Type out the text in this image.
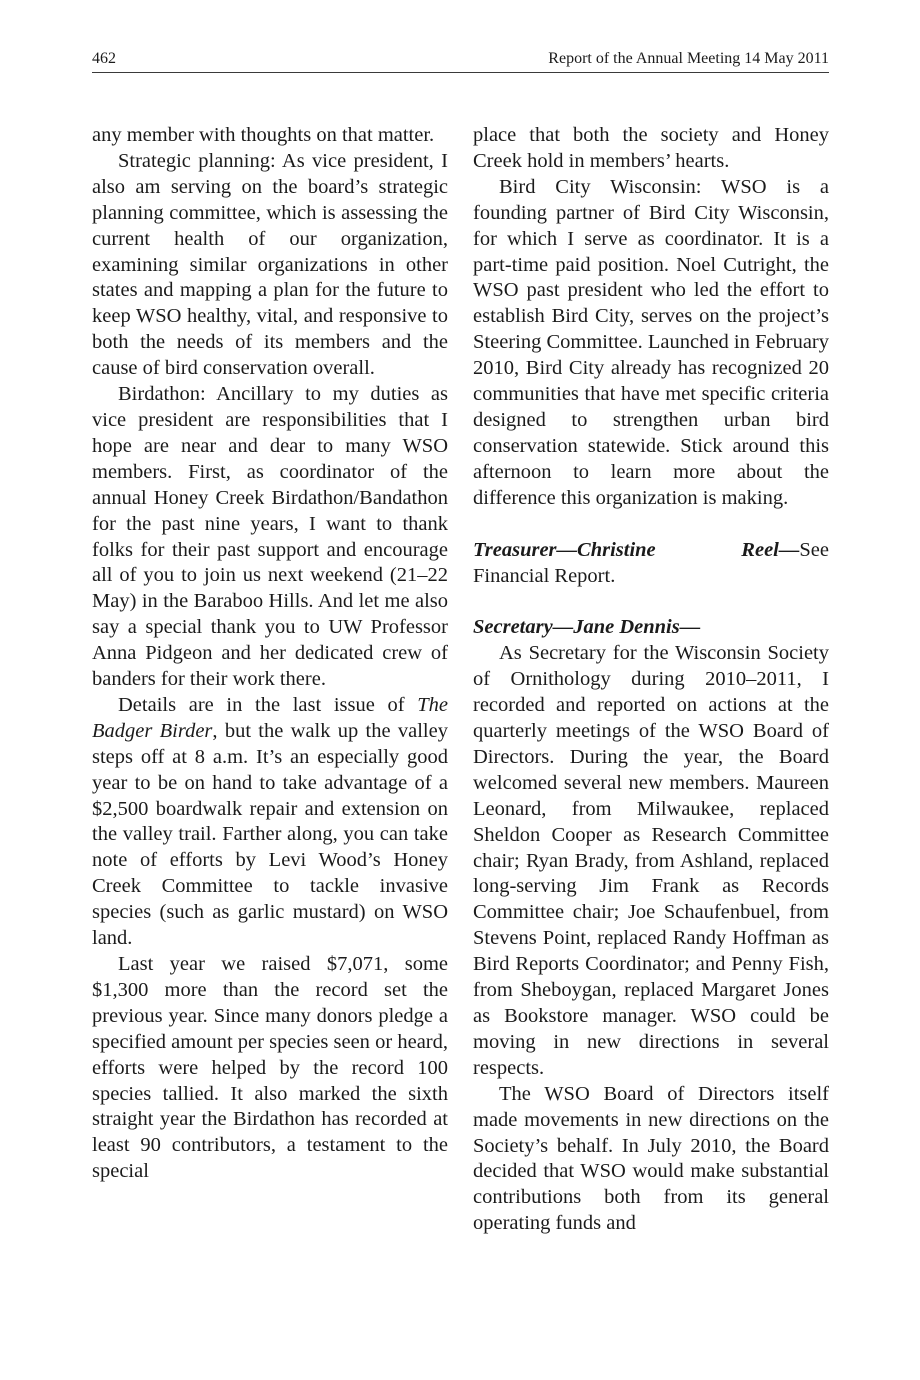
462	Report of the Annual Meeting 14 May 2011

any member with thoughts on that matter.

Strategic planning: As vice president, I also am serving on the board’s strategic planning committee, which is assessing the current health of our organization, examining similar organizations in other states and mapping a plan for the future to keep WSO healthy, vital, and responsive to both the needs of its members and the cause of bird conservation overall.

Birdathon: Ancillary to my duties as vice president are responsibilities that I hope are near and dear to many WSO members. First, as coordinator of the annual Honey Creek Birdathon/Bandathon for the past nine years, I want to thank folks for their past support and encourage all of you to join us next weekend (21–22 May) in the Baraboo Hills. And let me also say a special thank you to UW Professor Anna Pidgeon and her dedicated crew of banders for their work there.

Details are in the last issue of The Badger Birder, but the walk up the valley steps off at 8 a.m. It’s an especially good year to be on hand to take advantage of a $2,500 boardwalk repair and extension on the valley trail. Farther along, you can take note of efforts by Levi Wood’s Honey Creek Committee to tackle invasive species (such as garlic mustard) on WSO land.

Last year we raised $7,071, some $1,300 more than the record set the previous year. Since many donors pledge a specified amount per species seen or heard, efforts were helped by the record 100 species tallied. It also marked the sixth straight year the Birdathon has recorded at least 90 contributors, a testament to the special

place that both the society and Honey Creek hold in members’ hearts.

Bird City Wisconsin: WSO is a founding partner of Bird City Wisconsin, for which I serve as coordinator. It is a part-time paid position. Noel Cutright, the WSO past president who led the effort to establish Bird City, serves on the project’s Steering Committee. Launched in February 2010, Bird City already has recognized 20 communities that have met specific criteria designed to strengthen urban bird conservation statewide. Stick around this afternoon to learn more about the difference this organization is making.

Treasurer—Christine Reel—See Financial Report.

Secretary—Jane Dennis—

As Secretary for the Wisconsin Society of Ornithology during 2010–2011, I recorded and reported on actions at the quarterly meetings of the WSO Board of Directors. During the year, the Board welcomed several new members. Maureen Leonard, from Milwaukee, replaced Sheldon Cooper as Research Committee chair; Ryan Brady, from Ashland, replaced long-serving Jim Frank as Records Committee chair; Joe Schaufenbuel, from Stevens Point, replaced Randy Hoffman as Bird Reports Coordinator; and Penny Fish, from Sheboygan, replaced Margaret Jones as Bookstore manager. WSO could be moving in new directions in several respects.

The WSO Board of Directors itself made movements in new directions on the Society’s behalf. In July 2010, the Board decided that WSO would make substantial contributions both from its general operating funds and
